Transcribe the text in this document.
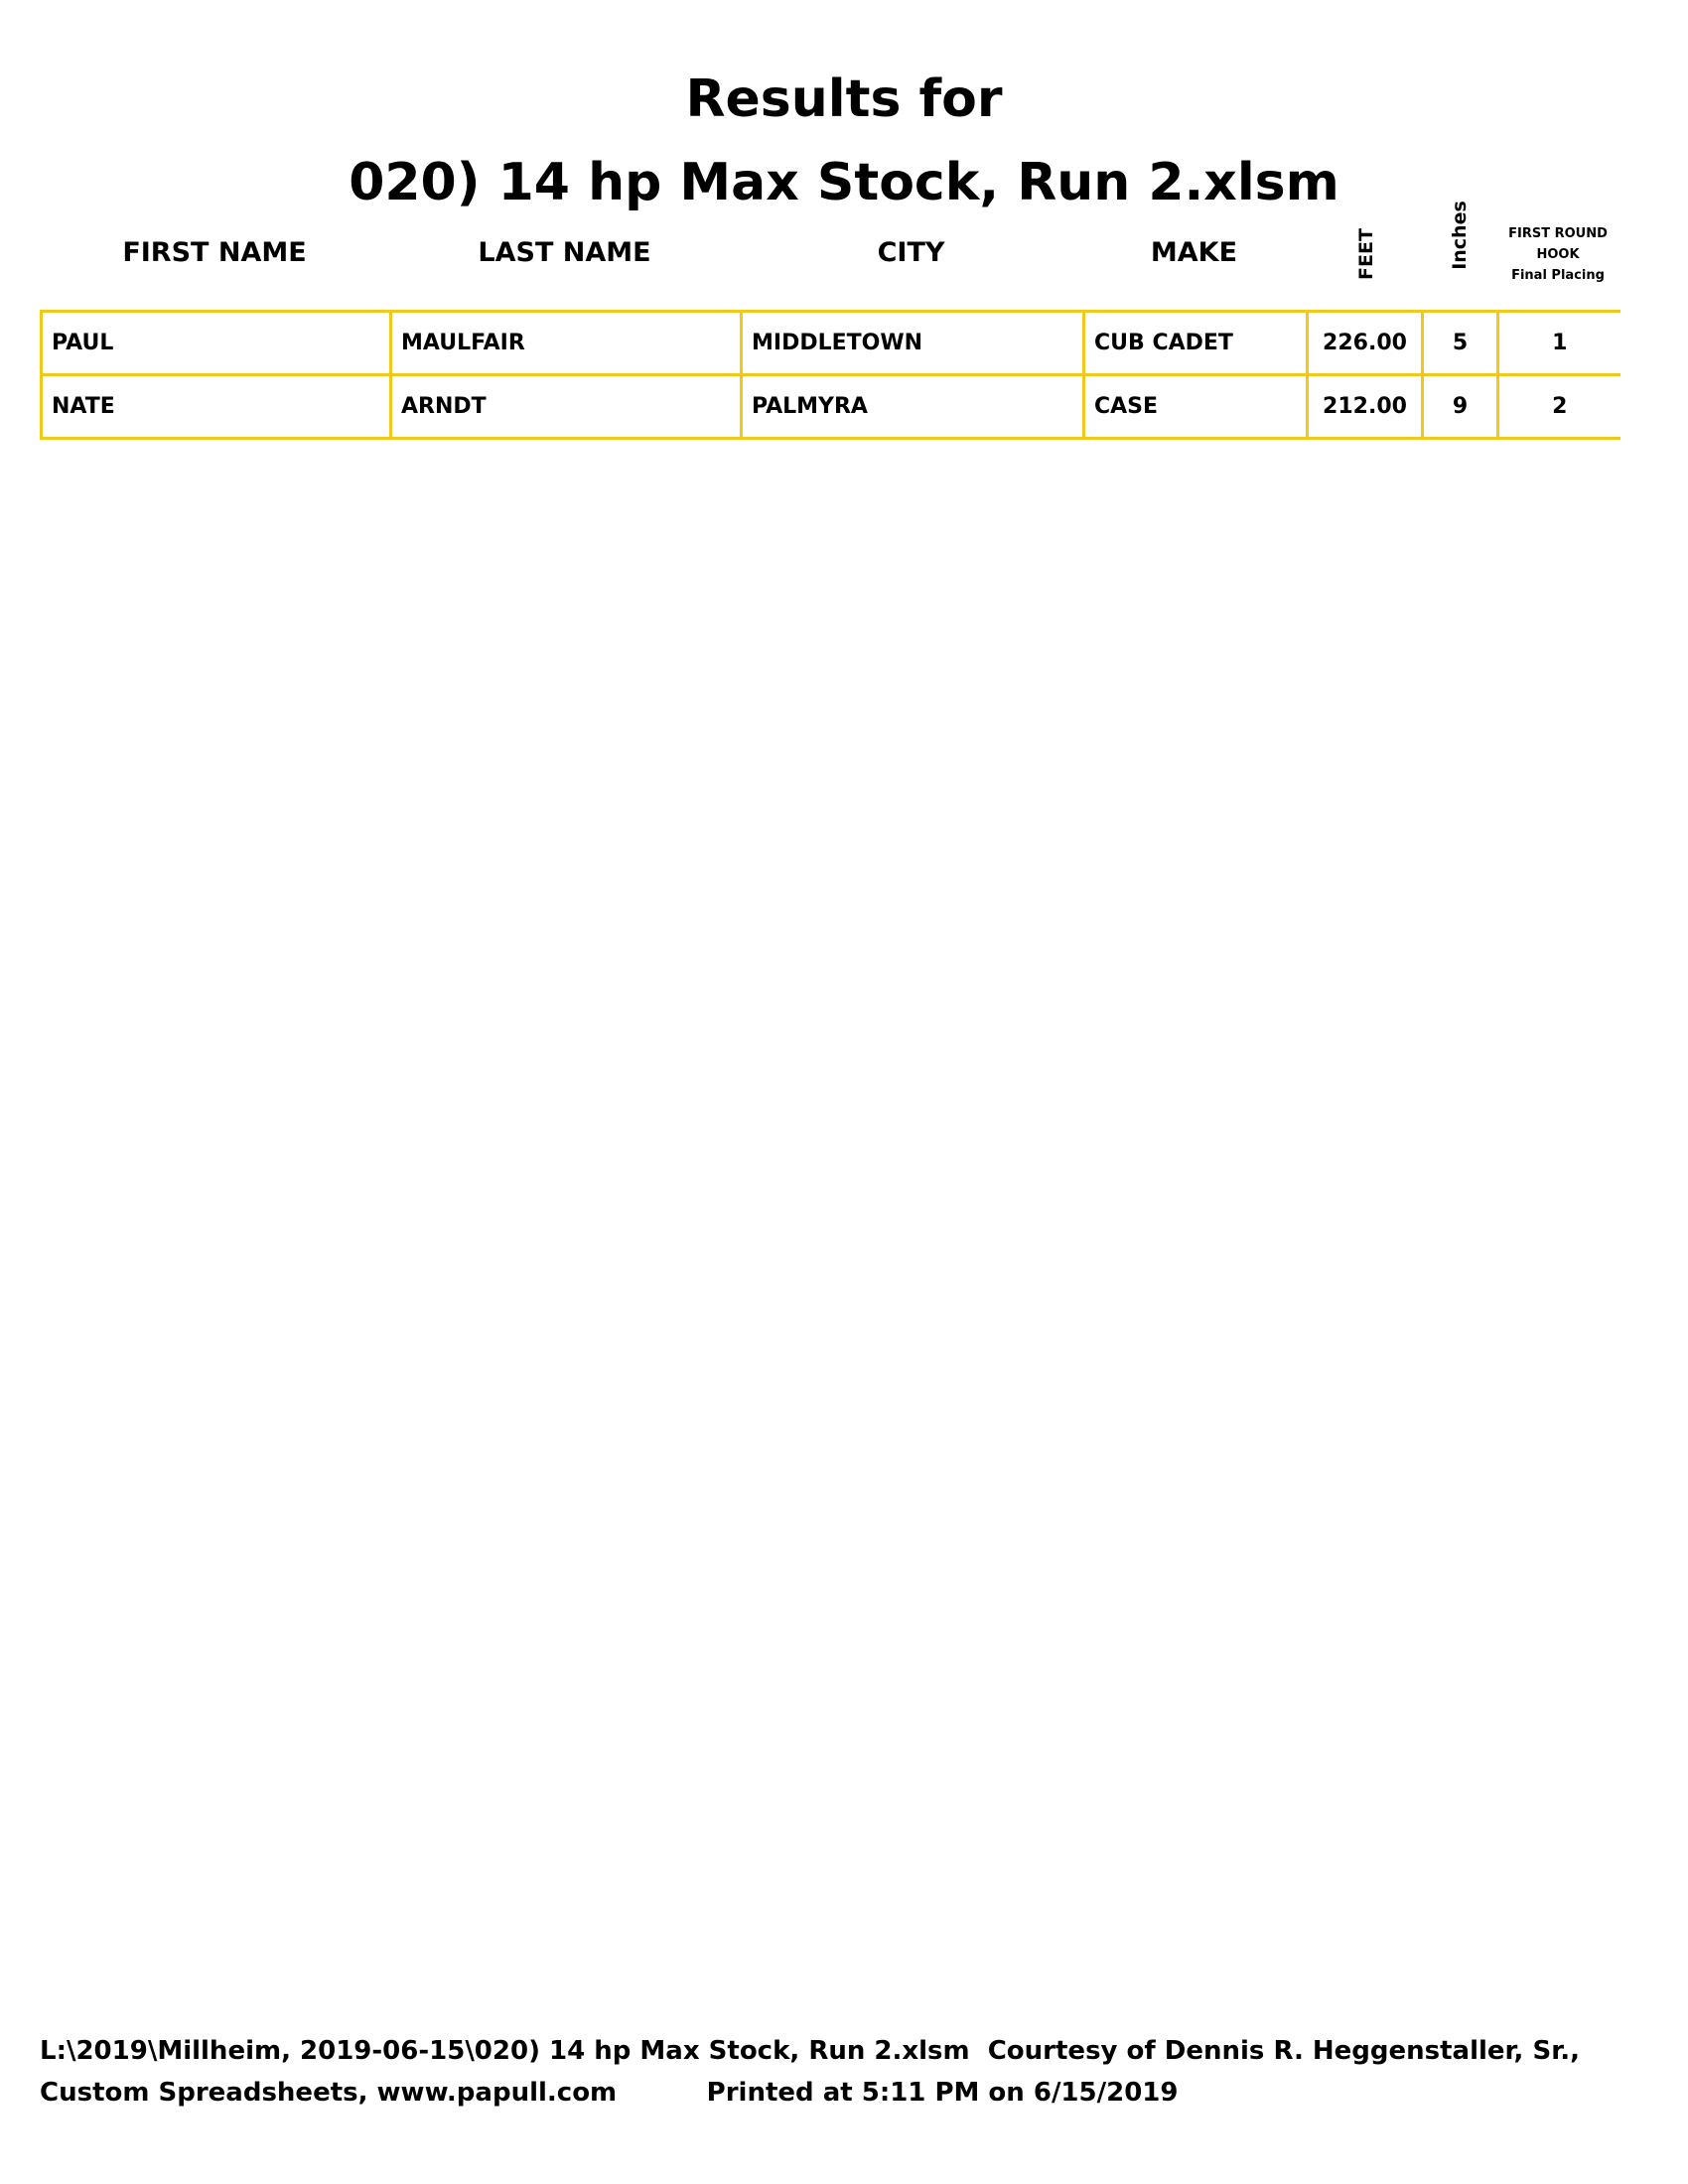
Results for
020) 14 hp Max Stock, Run 2.xlsm
FIRST NAME	LAST NAME	CITY	MAKE	FEET	Inches	FIRST ROUND
HOOK
Final Placing
PAUL	MAULFAIR	MIDDLETOWN	CUB CADET	226.00	5	1
NATE	ARNDT	PALMYRA	CASE	212.00	9	2
L:\2019\Millheim, 2019-06-15\020) 14 hp Max Stock, Run 2.xlsm  Courtesy of Dennis R. Heggenstaller, Sr.,
Custom Spreadsheets, www.papull.com          Printed at 5:11 PM on 6/15/2019
